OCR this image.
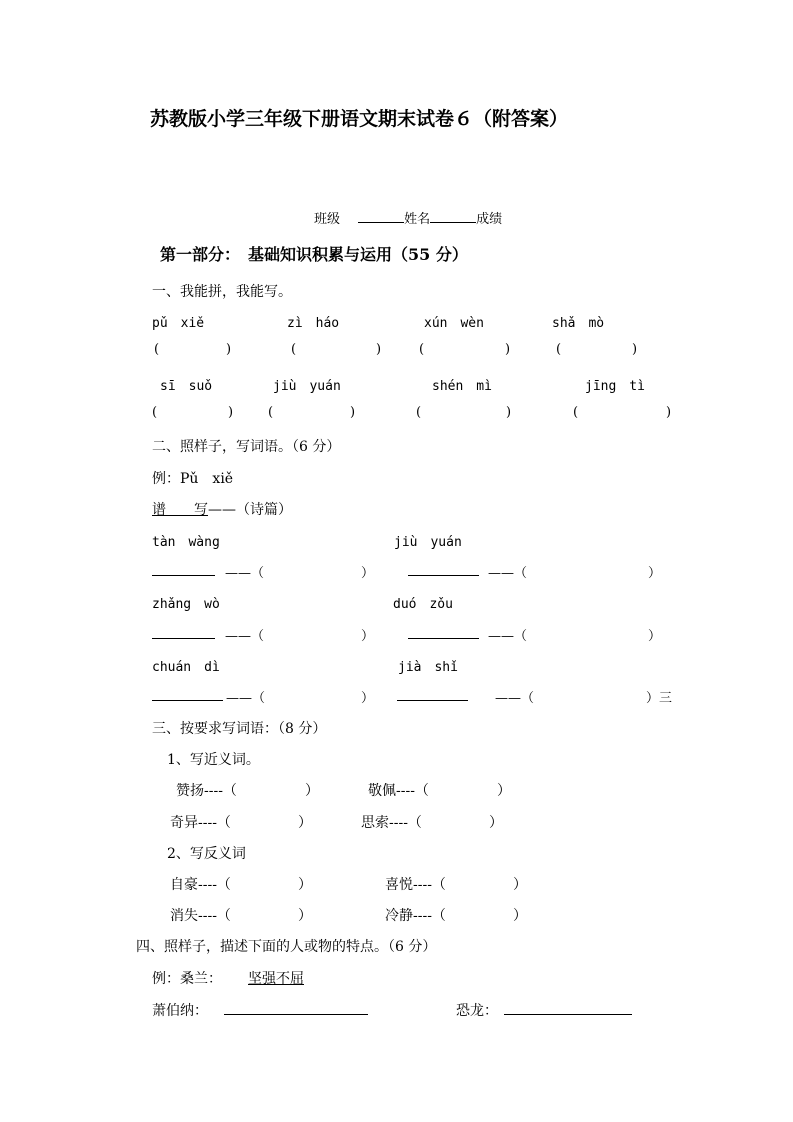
苏教版小学三年级下册语文期末试卷６（附答案）
班级	姓名	成绩
第一部分：　基础知识积累与运用（55 分）
一、我能拼，我能写。
pǔ　xiě	zì　háo	xún　wèn	shǎ　mò
(	)	(	)	(	)	(	)
sī　suǒ	jiù　yuán	shén　mì	jīng　tì
(	)	(	)	(	)	(	)
二、照样子，写词语。（6 分）
例：Pǔ　xiě
谱　　写——（诗篇）
tàn　wàng	jiù　yuán
——（	）	——（	）
zhǎng　wò	duó　zǒu
——（	）	——（	）
chuán　dì	jià　shǐ
——（	）	——（	）三
三、按要求写词语：（8 分）
1、写近义词。
赞扬----（	）	敬佩----（	）
奇异----（	）	思索----（	）
2、写反义词
自豪----（	）	喜悦----（	）
消失----（	）	冷静----（	）
四、照样子，描述下面的人或物的特点。（6 分）
例：桑兰： 坚强不屈
萧伯纳：	恐龙：
